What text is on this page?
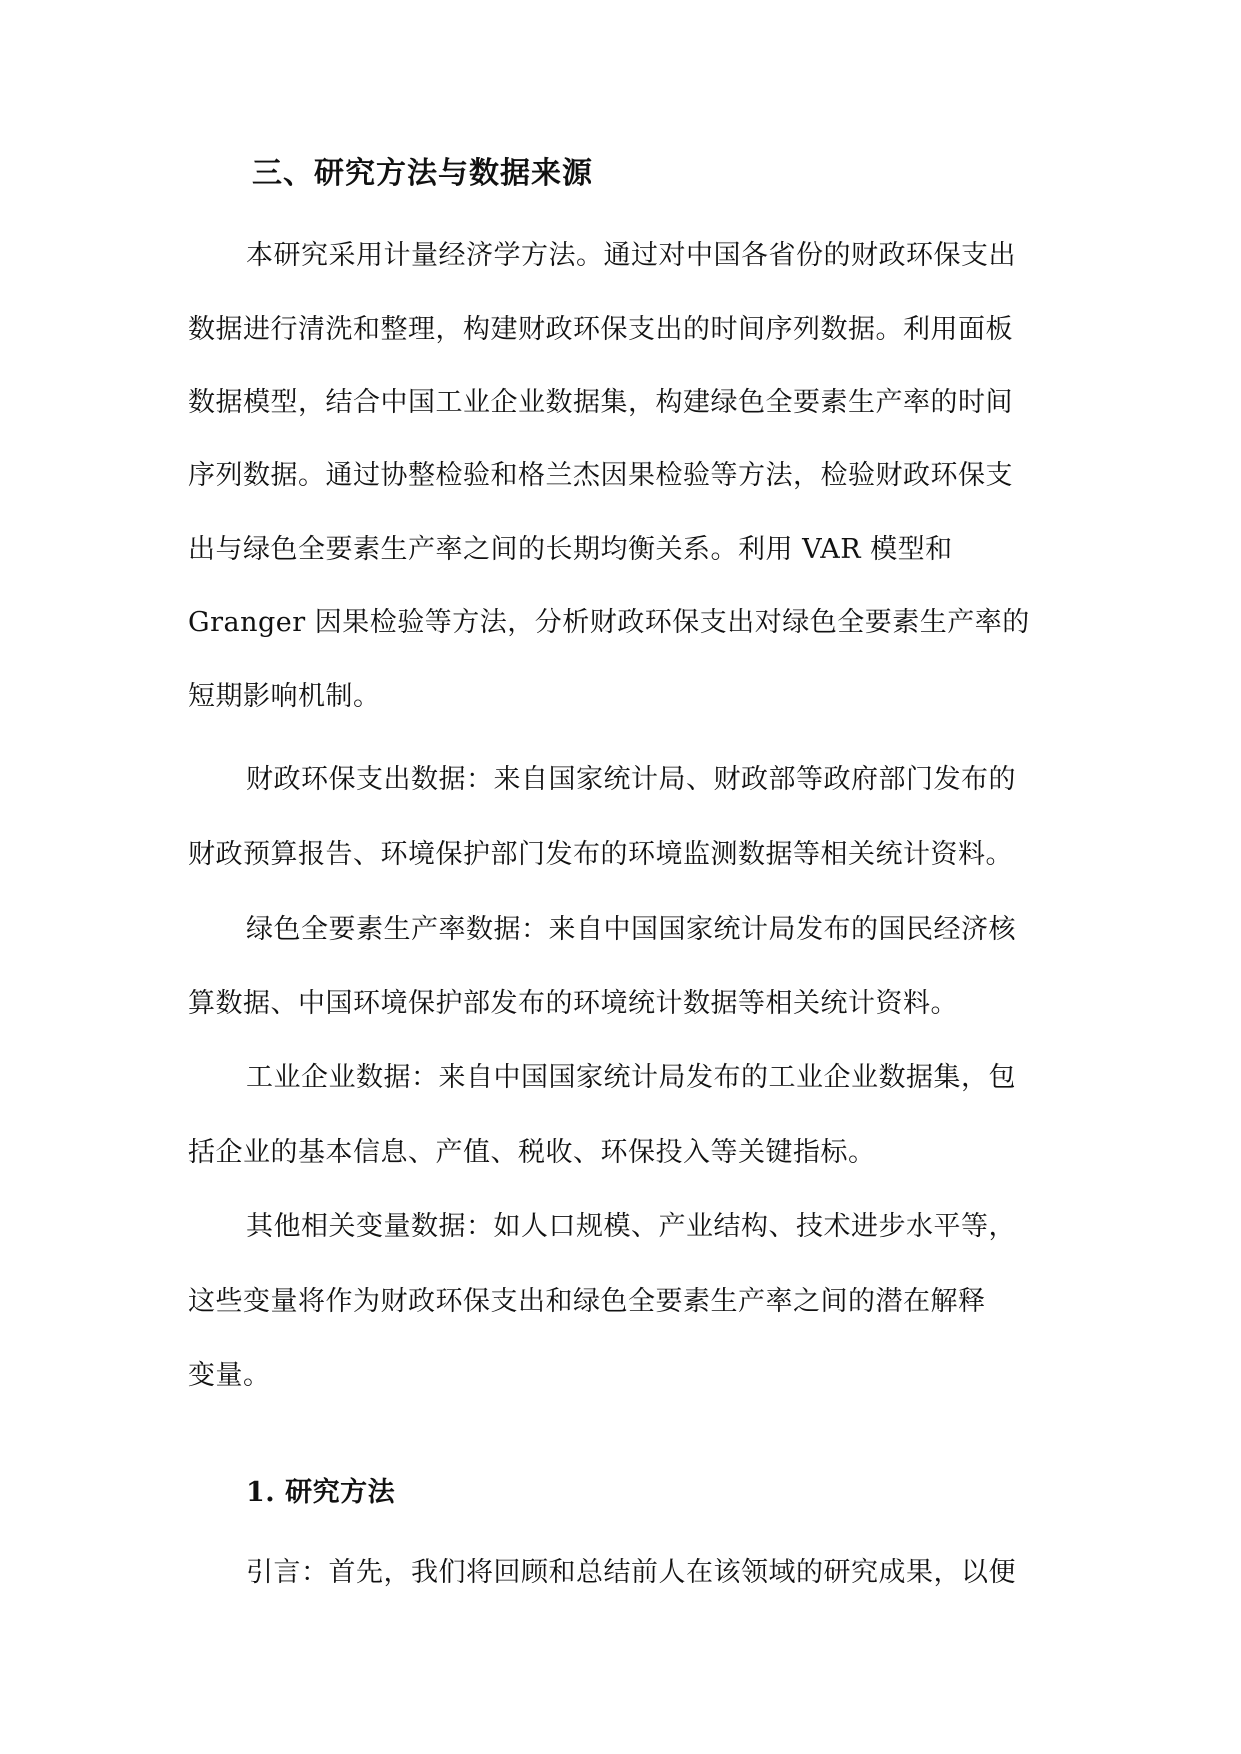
三、研究方法与数据来源
本研究采用计量经济学方法。通过对中国各省份的财政环保支出
数据进行清洗和整理，构建财政环保支出的时间序列数据。利用面板
数据模型，结合中国工业企业数据集，构建绿色全要素生产率的时间
序列数据。通过协整检验和格兰杰因果检验等方法，检验财政环保支
出与绿色全要素生产率之间的长期均衡关系。利用 VAR 模型和
Granger 因果检验等方法，分析财政环保支出对绿色全要素生产率的
短期影响机制。
财政环保支出数据：来自国家统计局、财政部等政府部门发布的
财政预算报告、环境保护部门发布的环境监测数据等相关统计资料。
绿色全要素生产率数据：来自中国国家统计局发布的国民经济核
算数据、中国环境保护部发布的环境统计数据等相关统计资料。
工业企业数据：来自中国国家统计局发布的工业企业数据集，包
括企业的基本信息、产值、税收、环保投入等关键指标。
其他相关变量数据：如人口规模、产业结构、技术进步水平等，
这些变量将作为财政环保支出和绿色全要素生产率之间的潜在解释
变量。
1. 研究方法
引言：首先，我们将回顾和总结前人在该领域的研究成果，以便
